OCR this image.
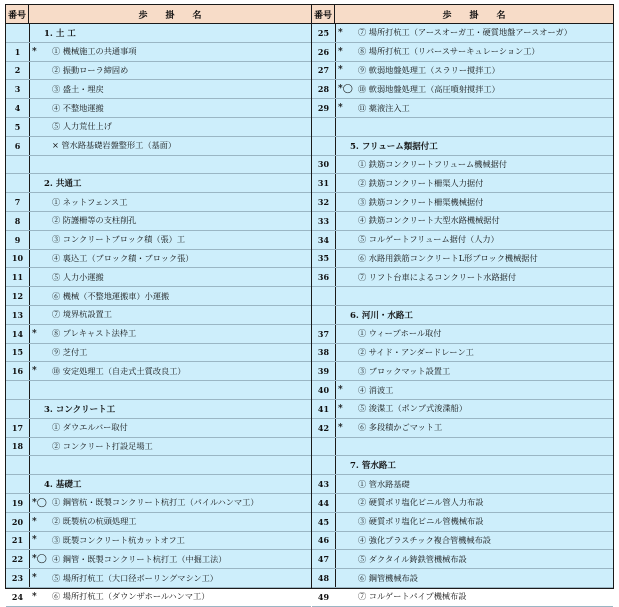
番号	歩掛名
1. 土 工
1	*	① 機械施工の共通事項
2	② 振動ローラ締固め
3	③ 盛土・埋戻
4	④ 不整地運搬
5	⑤ 人力荒仕上げ
6	× 管水路基礎岩盤整形工（基面）
2. 共通工
7	① ネットフェンス工
8	② 防護柵等の支柱削孔
9	③ コンクリートブロック積（張）工
10	④ 裏込工（ブロック積・ブロック張）
11	⑤ 人力小運搬
12	⑥ 機械（不整地運搬車）小運搬
13	⑦ 境界杭設置工
14 *	⑧ プレキャスト法枠工
15	⑨ 芝付工
16 *	⑩ 安定処理工（自走式土質改良工）
3. コンクリート工
17	① ダウエルバー取付
18	② コンクリート打設足場工
4. 基礎工
19 *◯ ① 鋼管杭・既製コンクリート杭打工（パイルハンマ工）
20 *	② 既製杭の杭頭処理工
21 *	③ 既製コンクリート杭カットオフ工
22 *◯ ④ 鋼管・既製コンクリート杭打工（中掘工法）
23 *	⑤ 場所打杭工（大口径ボーリングマシン工）
24 *	⑥ 場所打杭工（ダウンザホールハンマ工）
番号	歩掛名
25 *	⑦ 場所打杭工（アースオーガ工・硬質地盤アースオーガ）
26 *	⑧ 場所打杭工（リバースサーキュレーション工）
27 *	⑨ 軟弱地盤処理工（スラリー撹拌工）
28 *◯ ⑩ 軟弱地盤処理工（高圧噴射撹拌工）
29 *	⑪ 薬液注入工
5. フリューム類据付工
30	① 鉄筋コンクリートフリューム機械据付
31	② 鉄筋コンクリート柵渠人力据付
32	③ 鉄筋コンクリート柵渠機械据付
33	④ 鉄筋コンクリート大型水路機械据付
34	⑤ コルゲートフリューム据付（人力）
35	⑥ 水路用鉄筋コンクリートL形ブロック機械据付
36	⑦ リフト台車によるコンクリート水路据付
6. 河川・水路工
37	① ウィープホール取付
38	② サイド・アンダードレーン工
39	③ ブロックマット設置工
40 *	④ 消波工
41 *	⑤ 浚渫工（ポンプ式浚渫船）
42 *	⑥ 多段積かごマット工
7. 管水路工
43	① 管水路基礎
44	② 硬質ポリ塩化ビニル管人力布設
45	③ 硬質ポリ塩化ビニル管機械布設
46	④ 強化プラスチック複合管機械布設
47	⑤ ダクタイル鋳鉄管機械布設
48	⑥ 鋼管機械布設
49	⑦ コルゲートパイプ機械布設
